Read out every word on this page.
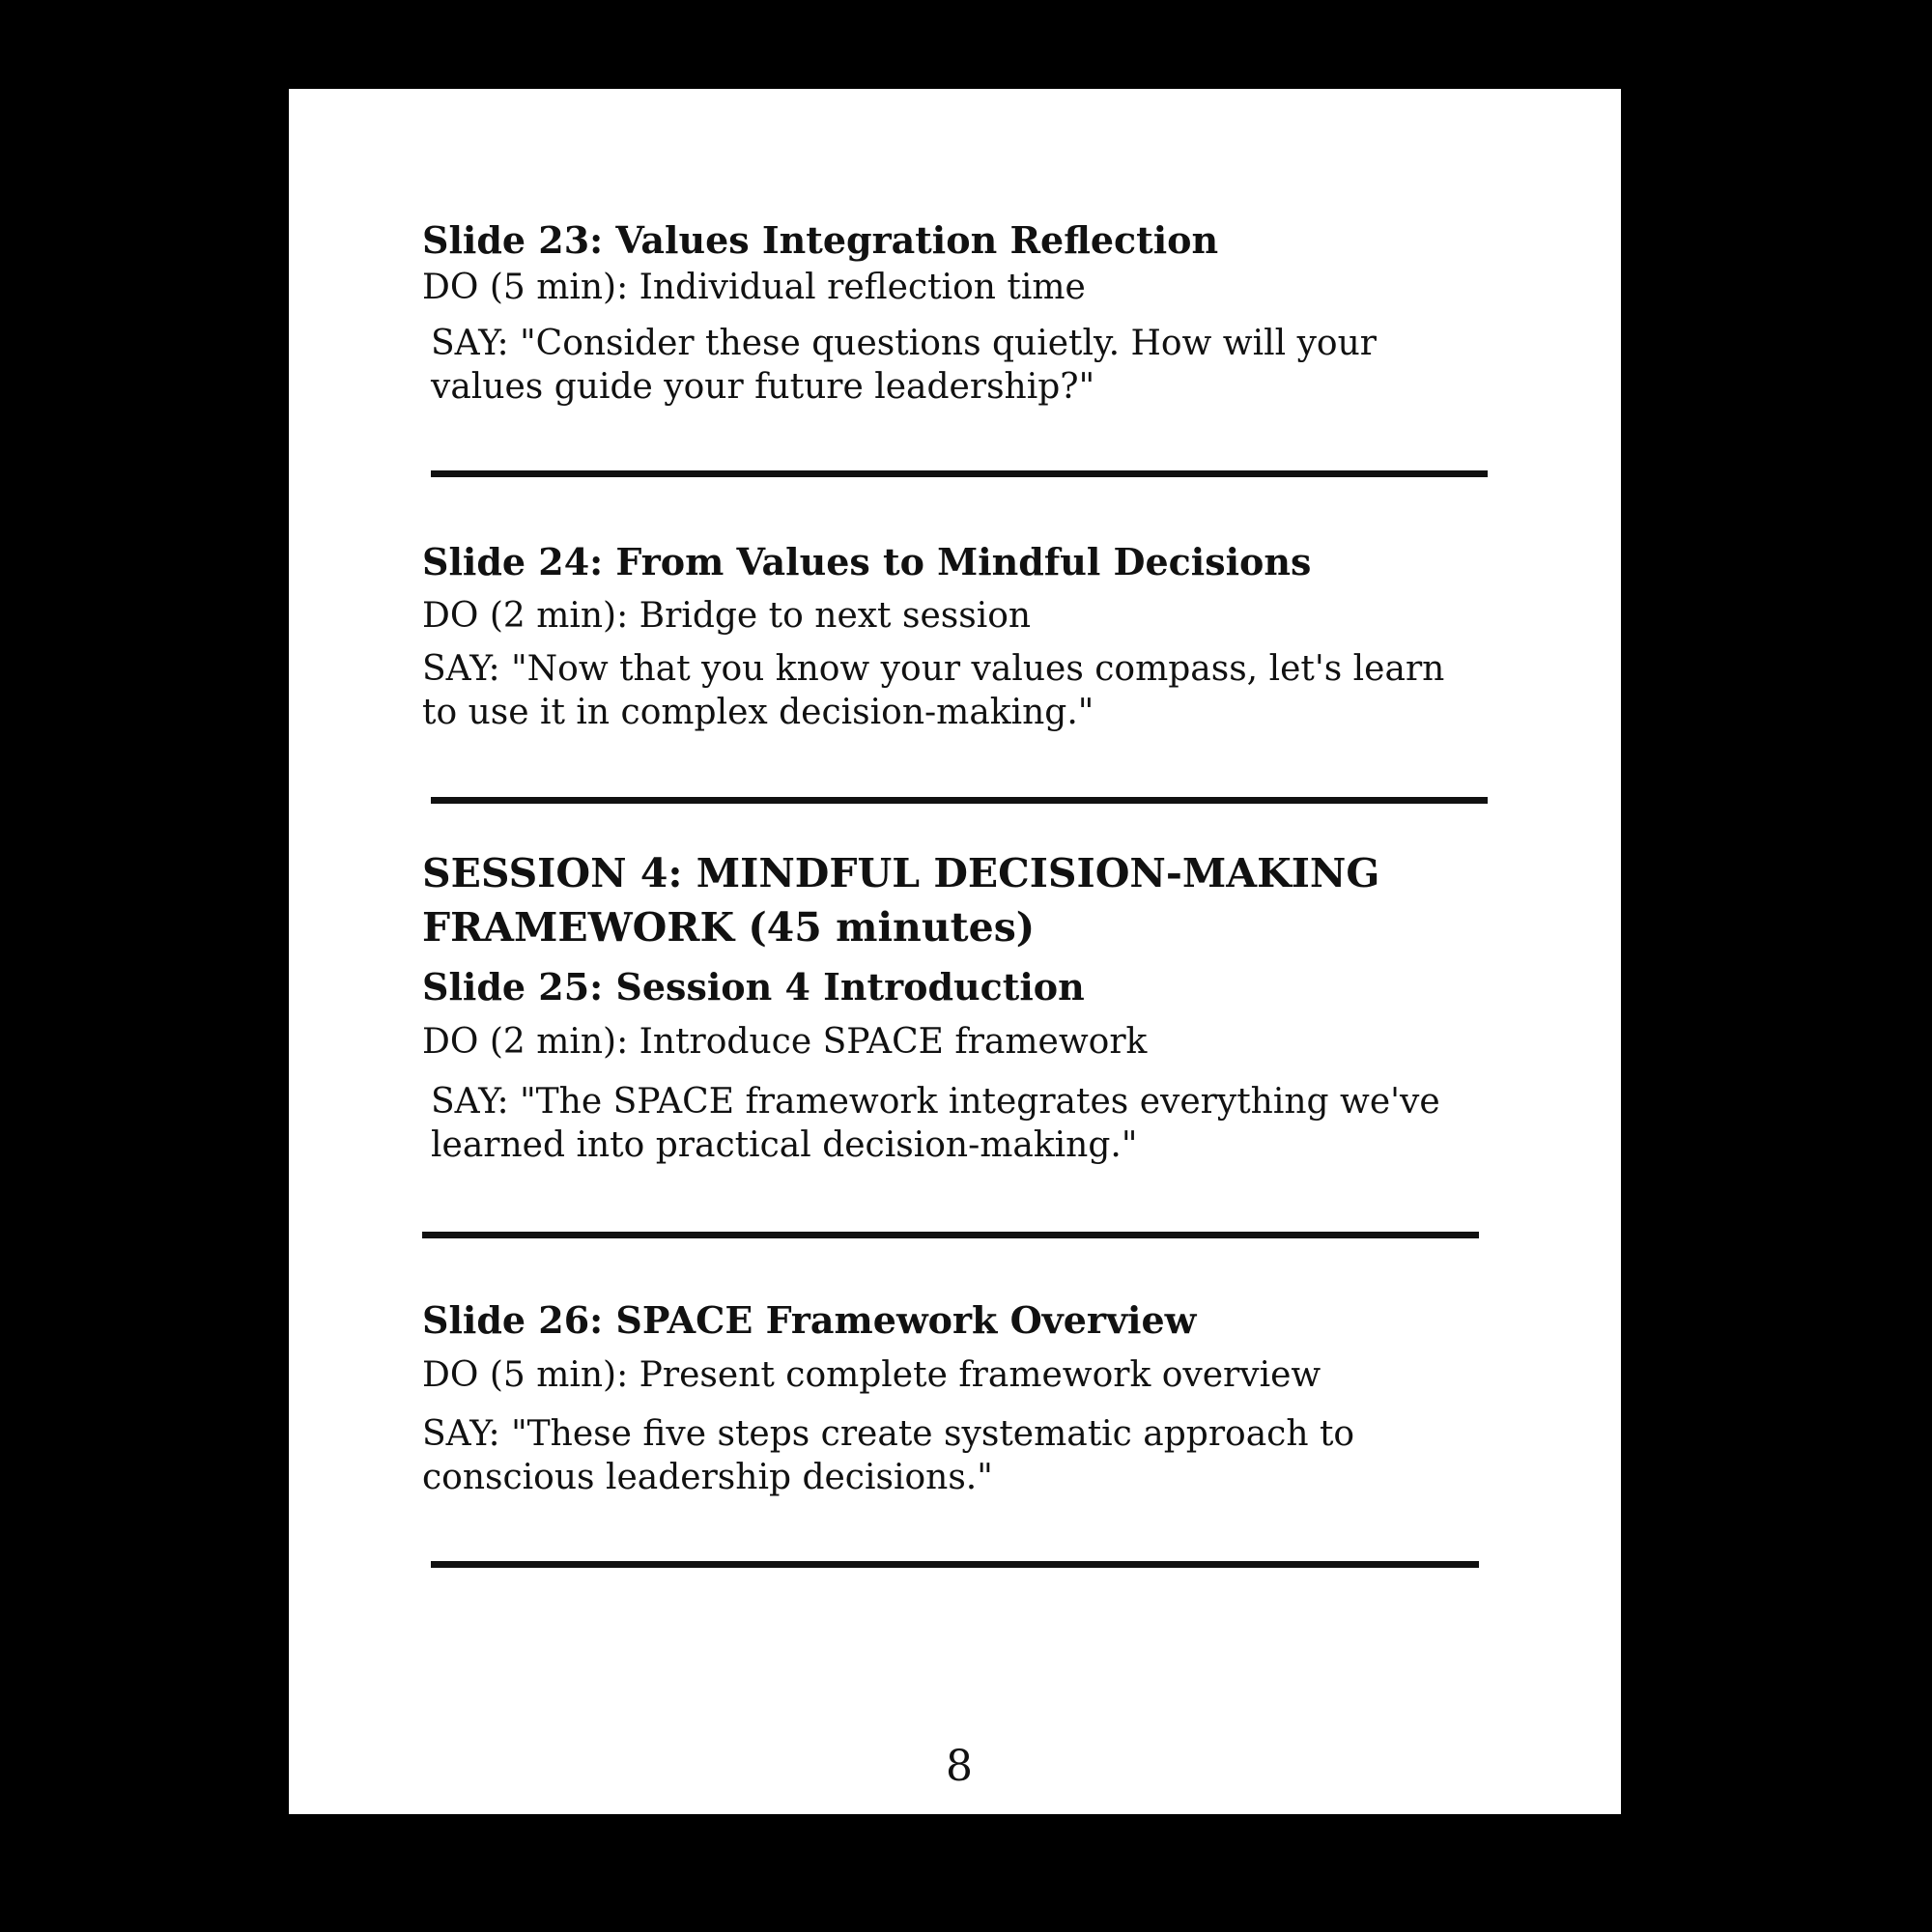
Slide 23: Values Integration Reflection
DO (5 min): Individual reflection time
SAY: "Consider these questions quietly. How will your values guide your future leadership?"
Slide 24: From Values to Mindful Decisions
DO (2 min): Bridge to next session
SAY: "Now that you know your values compass, let's learn to use it in complex decision-making."
SESSION 4: MINDFUL DECISION-MAKING FRAMEWORK (45 minutes)
Slide 25: Session 4 Introduction
DO (2 min): Introduce SPACE framework
SAY: "The SPACE framework integrates everything we've learned into practical decision-making."
Slide 26: SPACE Framework Overview
DO (5 min): Present complete framework overview
SAY: "These five steps create systematic approach to conscious leadership decisions."
8
